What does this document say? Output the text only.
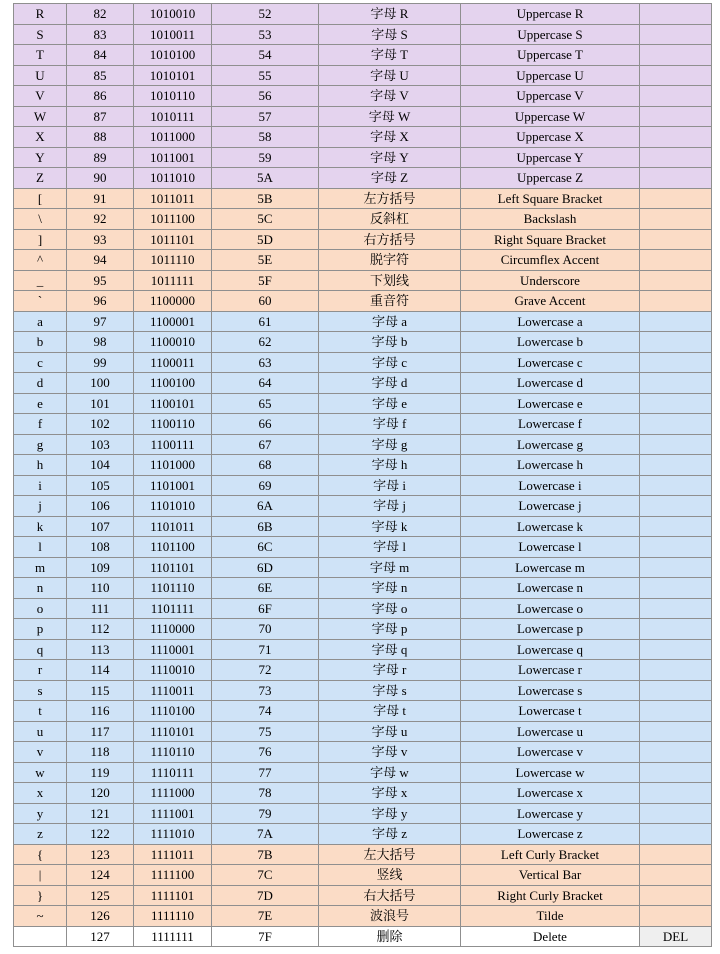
R	82	1010010	52	字母 R	Uppercase R	
S	83	1010011	53	字母 S	Uppercase S	
T	84	1010100	54	字母 T	Uppercase T	
U	85	1010101	55	字母 U	Uppercase U	
V	86	1010110	56	字母 V	Uppercase V	
W	87	1010111	57	字母 W	Uppercase W	
X	88	1011000	58	字母 X	Uppercase X	
Y	89	1011001	59	字母 Y	Uppercase Y	
Z	90	1011010	5A	字母 Z	Uppercase Z	
[	91	1011011	5B	左方括号	Left Square Bracket	
\	92	1011100	5C	反斜杠	Backslash	
]	93	1011101	5D	右方括号	Right Square Bracket	
^	94	1011110	5E	脱字符	Circumflex Accent	
_	95	1011111	5F	下划线	Underscore	
`	96	1100000	60	重音符	Grave Accent	
a	97	1100001	61	字母 a	Lowercase a	
b	98	1100010	62	字母 b	Lowercase b	
c	99	1100011	63	字母 c	Lowercase c	
d	100	1100100	64	字母 d	Lowercase d	
e	101	1100101	65	字母 e	Lowercase e	
f	102	1100110	66	字母 f	Lowercase f	
g	103	1100111	67	字母 g	Lowercase g	
h	104	1101000	68	字母 h	Lowercase h	
i	105	1101001	69	字母 i	Lowercase i	
j	106	1101010	6A	字母 j	Lowercase j	
k	107	1101011	6B	字母 k	Lowercase k	
l	108	1101100	6C	字母 l	Lowercase l	
m	109	1101101	6D	字母 m	Lowercase m	
n	110	1101110	6E	字母 n	Lowercase n	
o	111	1101111	6F	字母 o	Lowercase o	
p	112	1110000	70	字母 p	Lowercase p	
q	113	1110001	71	字母 q	Lowercase q	
r	114	1110010	72	字母 r	Lowercase r	
s	115	1110011	73	字母 s	Lowercase s	
t	116	1110100	74	字母 t	Lowercase t	
u	117	1110101	75	字母 u	Lowercase u	
v	118	1110110	76	字母 v	Lowercase v	
w	119	1110111	77	字母 w	Lowercase w	
x	120	1111000	78	字母 x	Lowercase x	
y	121	1111001	79	字母 y	Lowercase y	
z	122	1111010	7A	字母 z	Lowercase z	
{	123	1111011	7B	左大括号	Left Curly Bracket	
|	124	1111100	7C	竖线	Vertical Bar	
}	125	1111101	7D	右大括号	Right Curly Bracket	
~	126	1111110	7E	波浪号	Tilde	
	127	1111111	7F	删除	Delete	DEL
